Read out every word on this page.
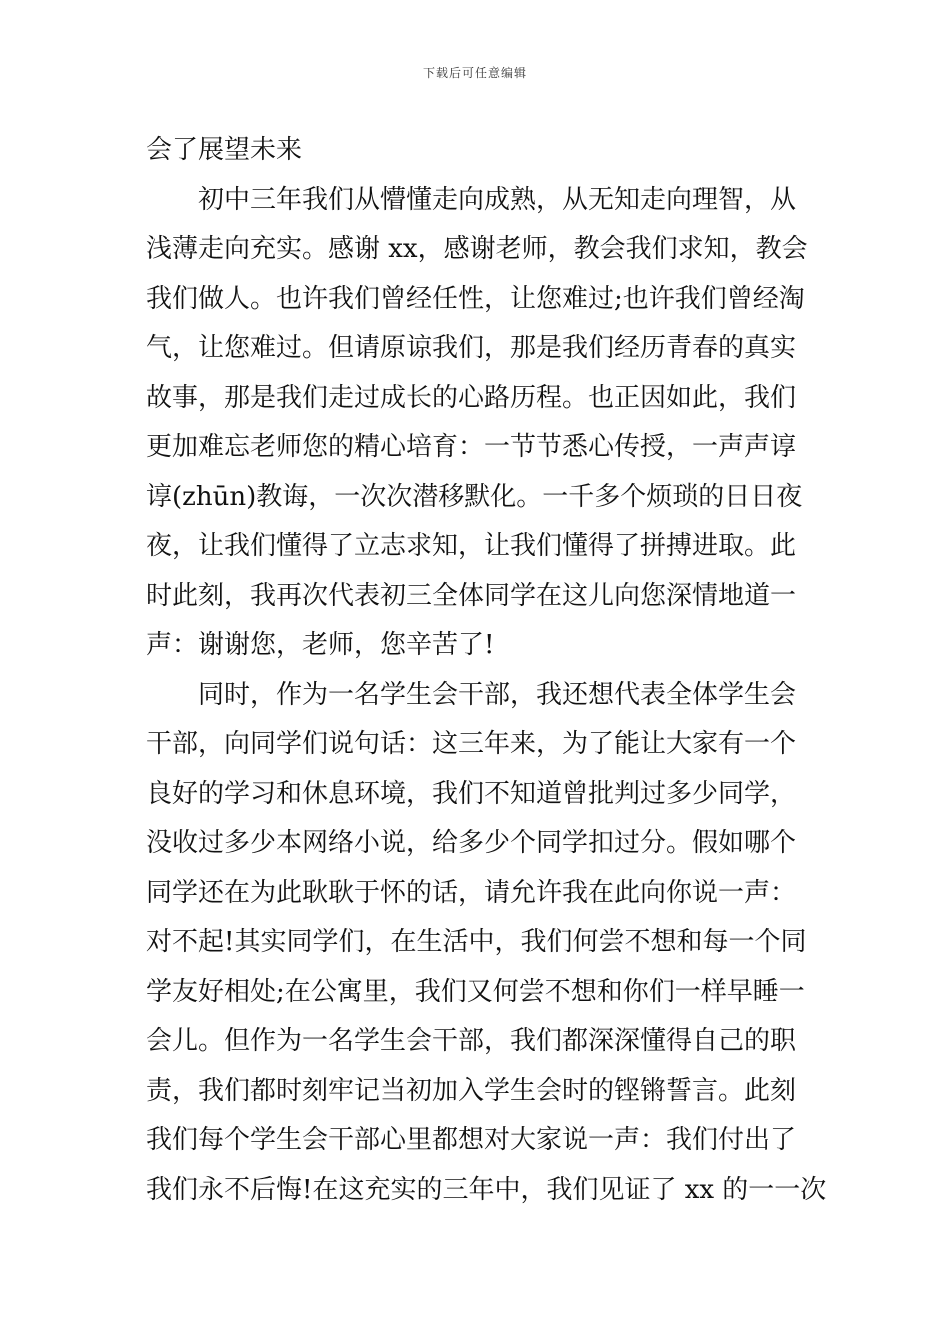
下载后可任意编辑
会了展望未来
初中三年我们从懵懂走向成熟，从无知走向理智，从
浅薄走向充实。感谢 xx，感谢老师，教会我们求知，教会
我们做人。也许我们曾经任性，让您难过;也许我们曾经淘
气，让您难过。但请原谅我们，那是我们经历青春的真实
故事，那是我们走过成长的心路历程。也正因如此，我们
更加难忘老师您的精心培育：一节节悉心传授，一声声谆
谆(zhūn)教诲，一次次潜移默化。一千多个烦琐的日日夜
夜，让我们懂得了立志求知，让我们懂得了拼搏进取。此
时此刻，我再次代表初三全体同学在这儿向您深情地道一
声：谢谢您，老师，您辛苦了!
同时，作为一名学生会干部，我还想代表全体学生会
干部，向同学们说句话：这三年来，为了能让大家有一个
良好的学习和休息环境，我们不知道曾批判过多少同学，
没收过多少本网络小说，给多少个同学扣过分。假如哪个
同学还在为此耿耿于怀的话，请允许我在此向你说一声：
对不起!其实同学们，在生活中，我们何尝不想和每一个同
学友好相处;在公寓里，我们又何尝不想和你们一样早睡一
会儿。但作为一名学生会干部，我们都深深懂得自己的职
责，我们都时刻牢记当初加入学生会时的铿锵誓言。此刻
我们每个学生会干部心里都想对大家说一声：我们付出了
我们永不后悔!在这充实的三年中，我们见证了 xx 的一一次
